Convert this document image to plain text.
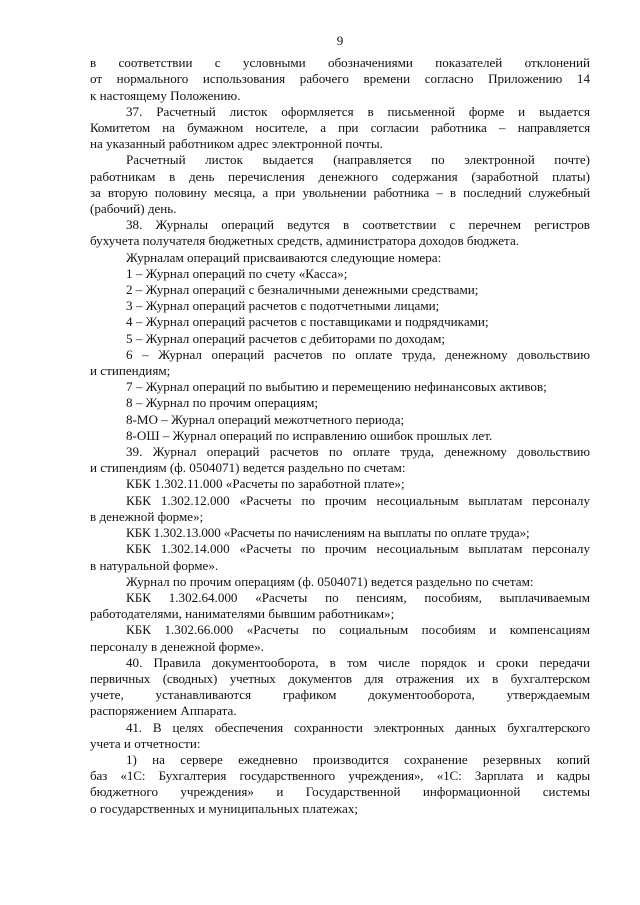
9

в соответствии с условными обозначениями показателей отклонений

от нормального использования рабочего времени согласно Приложению 14

к настоящему Положению.

37. Расчетный листок оформляется в письменной форме и выдается

Комитетом на бумажном носителе, а при согласии работника – направляется

на указанный работником адрес электронной почты.

Расчетный листок выдается (направляется по электронной почте)

работникам в день перечисления денежного содержания (заработной платы)

за вторую половину месяца, а при увольнении работника – в последний служебный

(рабочий) день.

38. Журналы операций ведутся в соответствии с перечнем регистров

бухучета получателя бюджетных средств, администратора доходов бюджета.

Журналам операций присваиваются следующие номера:

1 – Журнал операций по счету «Касса»;

2 – Журнал операций с безналичными денежными средствами;

3 – Журнал операций расчетов с подотчетными лицами;

4 – Журнал операций расчетов с поставщиками и подрядчиками;

5 – Журнал операций расчетов с дебиторами по доходам;

6 – Журнал операций расчетов по оплате труда, денежному довольствию

и стипендиям;

7 – Журнал операций по выбытию и перемещению нефинансовых активов;

8 – Журнал по прочим операциям;

8-МО – Журнал операций межотчетного периода;

8-ОШ – Журнал операций по исправлению ошибок прошлых лет.

39. Журнал операций расчетов по оплате труда, денежному довольствию

и стипендиям (ф. 0504071) ведется раздельно по счетам:

КБК 1.302.11.000 «Расчеты по заработной плате»;

КБК 1.302.12.000 «Расчеты по прочим несоциальным выплатам персоналу

в денежной форме»;

КБК 1.302.13.000 «Расчеты по начислениям на выплаты по оплате труда»;

КБК 1.302.14.000 «Расчеты по прочим несоциальным выплатам персоналу

в натуральной форме».

Журнал по прочим операциям (ф. 0504071) ведется раздельно по счетам:

КБК 1.302.64.000 «Расчеты по пенсиям, пособиям, выплачиваемым

работодателями, нанимателями бывшим работникам»;

КБК 1.302.66.000 «Расчеты по социальным пособиям и компенсациям

персоналу в денежной форме».

40. Правила документооборота, в том числе порядок и сроки передачи

первичных (сводных) учетных документов для отражения их в бухгалтерском

учете, устанавливаются графиком документооборота, утверждаемым

распоряжением Аппарата.

41. В целях обеспечения сохранности электронных данных бухгалтерского

учета и отчетности:

1) на сервере ежедневно производится сохранение резервных копий

баз «1С: Бухгалтерия государственного учреждения», «1С: Зарплата и кадры

бюджетного учреждения» и Государственной информационной системы

о государственных и муниципальных платежах;
